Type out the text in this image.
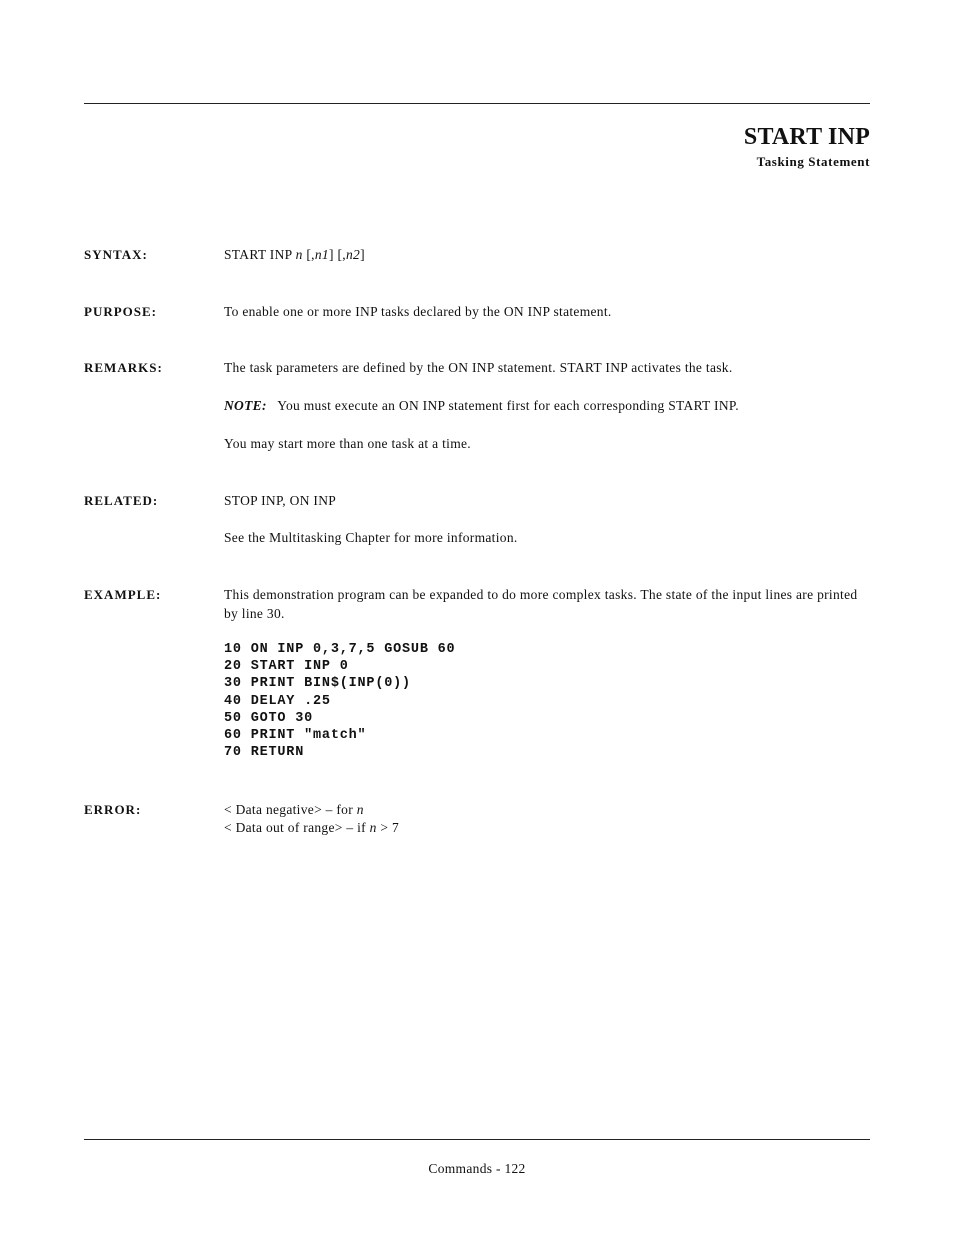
START INP
Tasking Statement
SYNTAX:	START INP n [,n1] [,n2]
PURPOSE:	To enable one or more INP tasks declared by the ON INP statement.
REMARKS:	The task parameters are defined by the ON INP statement. START INP activates the task.
NOTE: You must execute an ON INP statement first for each corresponding START INP.
You may start more than one task at a time.
RELATED:	STOP INP, ON INP
See the Multitasking Chapter for more information.
EXAMPLE:	This demonstration program can be expanded to do more complex tasks. The state of the input lines are printed by line 30.
10 ON INP 0,3,7,5 GOSUB 60
20 START INP 0
30 PRINT BIN$(INP(0))
40 DELAY .25
50 GOTO 30
60 PRINT "match"
70 RETURN
ERROR:	< Data negative> – for n
< Data out of range> – if n > 7
Commands - 122
